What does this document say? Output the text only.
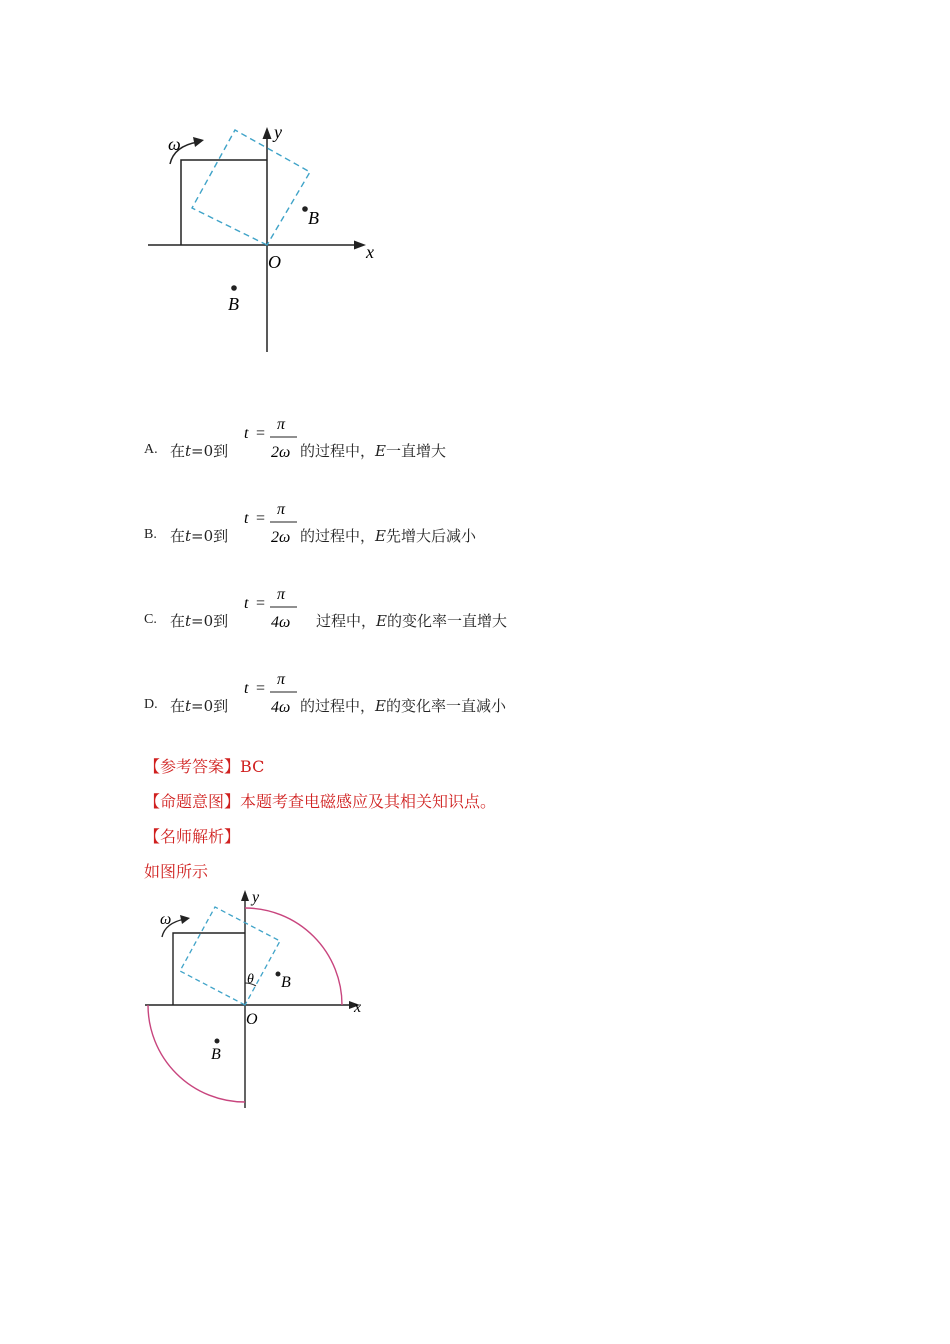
ω
y
x
O
B
B
A. 在t=0到
t =
π
2ω 的过程中，E一直增大
B. 在t=0到
t =
π
2ω 的过程中，E先增大后减小
C. 在t=0到
t =
π
4ω 过程中，E的变化率一直增大
D. 在t=0到
t =
π
4ω 的过程中，E的变化率一直减小
【参考答案】BC
【命题意图】本题考查电磁感应及其相关知识点。
【名师解析】
如图所示
ω
y
x
O
θ B
B
